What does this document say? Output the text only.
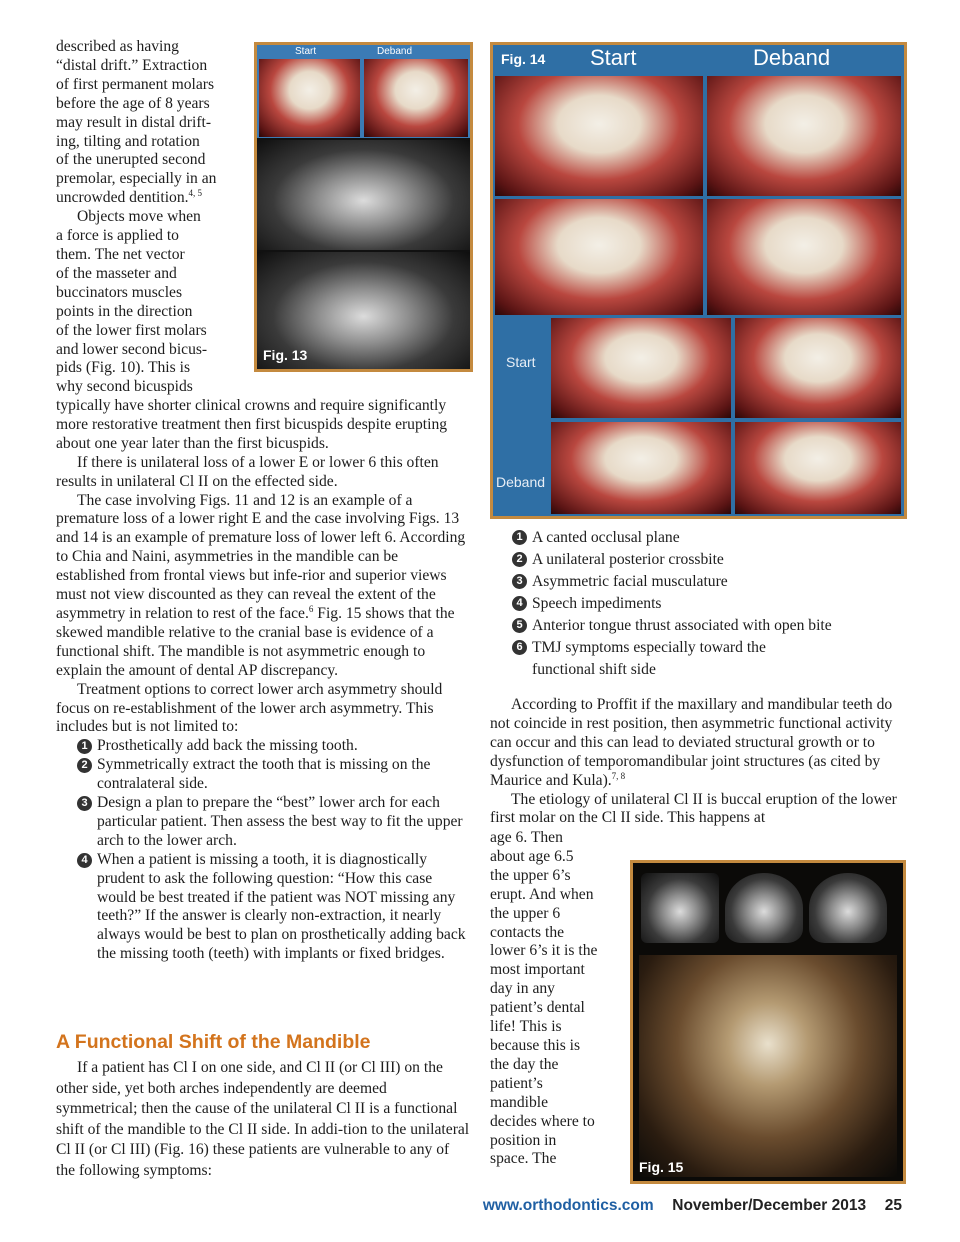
described as having
“distal drift.” Extraction
of first permanent molars
before the age of 8 years
may result in distal drift-
ing, tilting and rotation
of the unerupted second
premolar, especially in an
uncrowded dentition.$^{4, 5}$
Objects move when
a force is applied to
them. The net vector
of the masseter and
buccinators muscles
points in the direction
of the lower first molars
and lower second bicus-
pids (Fig. 10). This is
why second bicuspids

typically have shorter clinical crowns and require significantly more restorative treatment then first bicuspids despite erupting about one year later than the first bicuspids.

If there is unilateral loss of a lower E or lower 6 this often results in unilateral Cl II on the effected side.

The case involving Figs. 11 and 12 is an example of a premature loss of a lower right E and the case involving Figs. 13 and 14 is an example of premature loss of lower left 6. According to Chia and Naini, asymmetries in the mandible can be established from frontal views but infe-rior and superior views must not view discounted as they can reveal the extent of the asymmetry in relation to rest of the face.$^6$ Fig. 15 shows that the skewed mandible relative to the cranial base is evidence of a functional shift. The mandible is not asymmetric enough to explain the amount of dental AP discrepancy.

Treatment options to correct lower arch asymmetry should focus on re-establishment of the lower arch asymmetry. This includes but is not limited to:

1 Prosthetically add back the missing tooth.
2 Symmetrically extract the tooth that is missing on the contralateral side.
3 Design a plan to prepare the “best” lower arch for each particular patient. Then assess the best way to fit the upper arch to the lower arch.
4 When a patient is missing a tooth, it is diagnostically prudent to ask the following question: “How this case would be best treated if the patient was NOT missing any teeth?” If the answer is clearly non-extraction, it nearly always would be best to plan on prosthetically adding back the missing tooth (teeth) with implants or fixed bridges.
A Functional Shift of the Mandible

If a patient has Cl I on one side, and Cl II (or Cl III) on the other side, yet both arches independently are deemed symmetrical; then the cause of the unilateral Cl II is a functional shift of the mandible to the Cl II side. In addi-tion to the unilateral Cl II (or Cl III) (Fig. 16) these patients are vulnerable to any of the following symptoms:

Start	Deband
Fig. 13
Fig. 14 Start	Deband
Start
Deband
1 A canted occlusal plane
2 A unilateral posterior crossbite
3 Asymmetric facial musculature
4 Speech impediments
5 Anterior tongue thrust associated with open bite
6 TMJ symptoms especially toward the functional shift side

According to Proffit if the maxillary and mandibular teeth do not coincide in rest position, then asymmetric functional activity can occur and this can lead to deviated structural growth or to dysfunction of temporomandibular joint structures (as cited by Maurice and Kula).$^{7, 8}$

The etiology of unilateral Cl II is buccal eruption of the lower first molar on the Cl II side. This happens at

age 6. Then
about age 6.5
the upper 6’s
erupt. And when
the upper 6
contacts the
lower 6’s it is the
most important
day in any
patient’s dental
life! This is
because this is
the day the
patient’s
mandible
decides where to
position in
space. The	Fig. 15
www.orthodontics.com November/December 2013 25
